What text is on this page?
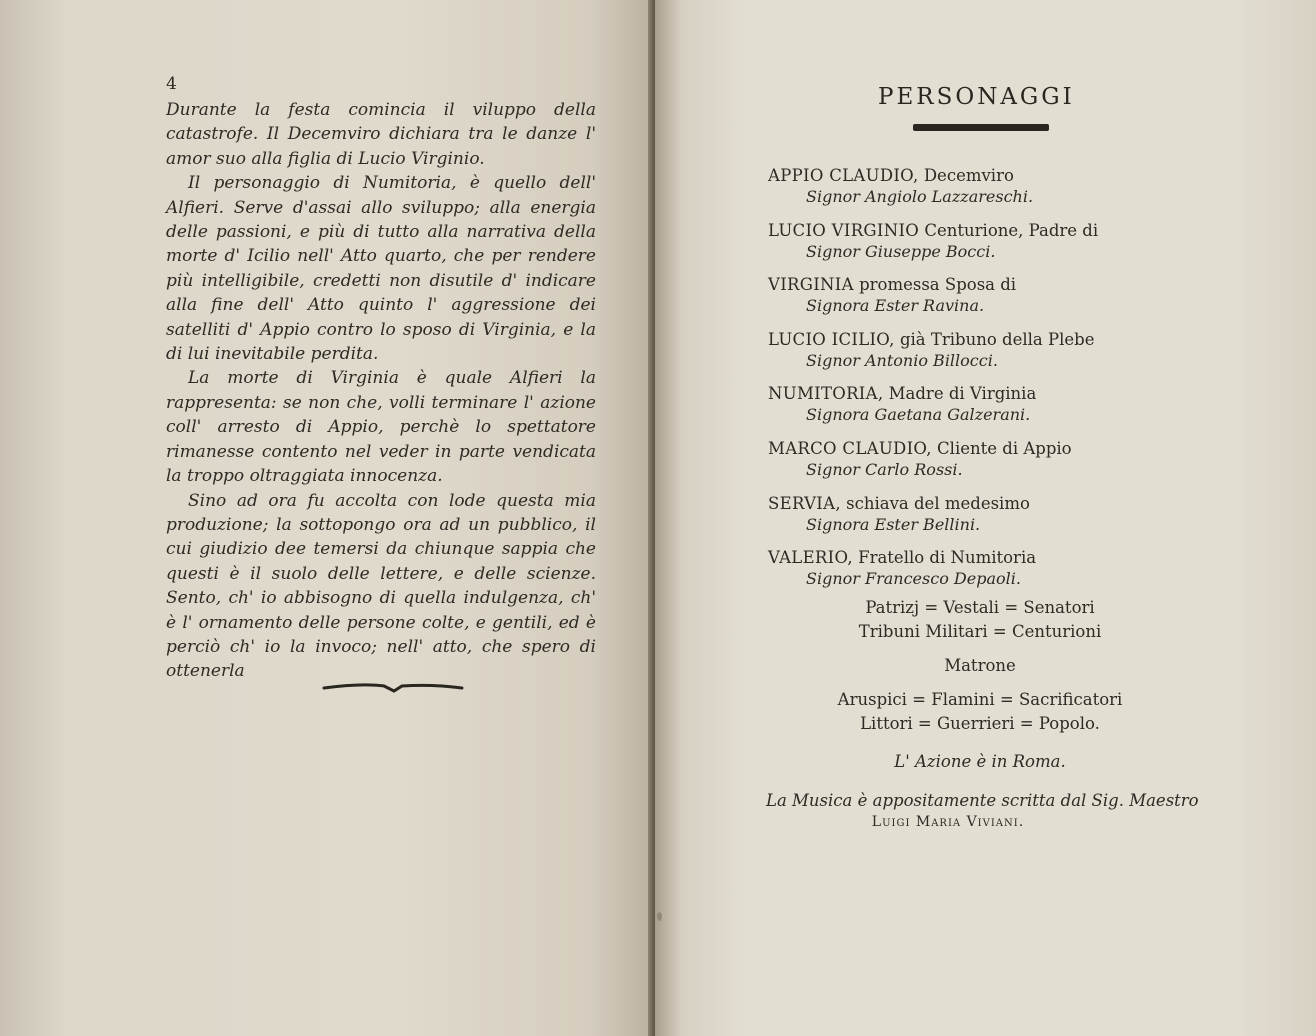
4

Durante la festa comincia il viluppo della catastrofe. Il Decemviro dichiara tra le danze l' amor suo alla figlia di Lucio Virginio.

Il personaggio di Numitoria, è quello dell' Alfieri. Serve d'assai allo sviluppo; alla energia delle passioni, e più di tutto alla narrativa della morte d' Icilio nell' Atto quarto, che per rendere più intelligibile, credetti non disutile d' indicare alla fine dell' Atto quinto l' aggressione dei satelliti d' Appio contro lo sposo di Virginia, e la di lui inevitabile perdita.

La morte di Virginia è quale Alfieri la rappresenta: se non che, volli terminare l' azione coll' arresto di Appio, perchè lo spettatore rimanesse contento nel veder in parte vendicata la troppo oltraggiata innocenza.

Sino ad ora fu accolta con lode questa mia produzione; la sottopongo ora ad un pubblico, il cui giudizio dee temersi da chiunque sappia che questi è il suolo delle lettere, e delle scienze. Sento, ch' io abbisogno di quella indulgenza, ch' è l' ornamento delle persone colte, e gentili, ed è perciò ch' io la invoco; nell' atto, che spero di ottenerla

PERSONAGGI
APPIO CLAUDIO, Decemviro
Signor Angiolo Lazzareschi.
LUCIO VIRGINIO Centurione, Padre di
Signor Giuseppe Bocci.
VIRGINIA promessa Sposa di
Signora Ester Ravina.
LUCIO ICILIO, già Tribuno della Plebe
Signor Antonio Billocci.
NUMITORIA, Madre di Virginia
Signora Gaetana Galzerani.
MARCO CLAUDIO, Cliente di Appio
Signor Carlo Rossi.
SERVIA, schiava del medesimo
Signora Ester Bellini.
VALERIO, Fratello di Numitoria
Signor Francesco Depaoli.
Patrizj = Vestali = Senatori
Tribuni Militari = Centurioni
Matrone
Aruspici = Flamini = Sacrificatori
Littori = Guerrieri = Popolo.
L' Azione è in Roma.
La Musica è appositamente scritta dal Sig. Maestro
Luigi Maria Viviani.
